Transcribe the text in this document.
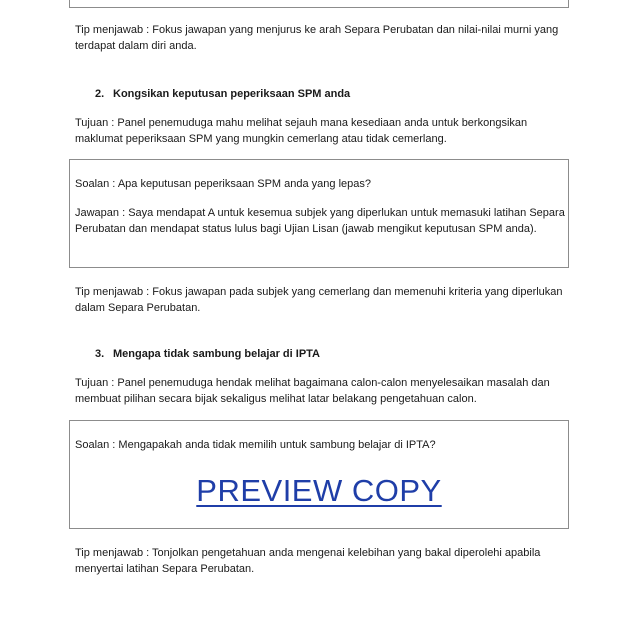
Tip menjawab : Fokus jawapan yang menjurus ke arah Separa Perubatan dan nilai-nilai murni yang terdapat dalam diri anda.

2. Kongsikan keputusan peperiksaan SPM anda

Tujuan : Panel penemuduga mahu melihat sejauh mana kesediaan anda untuk berkongsikan maklumat peperiksaan SPM yang mungkin cemerlang atau tidak cemerlang.

Soalan : Apa keputusan peperiksaan SPM anda yang lepas?

Jawapan : Saya mendapat A untuk kesemua subjek yang diperlukan untuk memasuki latihan Separa Perubatan dan mendapat status lulus bagi Ujian Lisan (jawab mengikut keputusan SPM anda).

Tip menjawab : Fokus jawapan pada subjek yang cemerlang dan memenuhi kriteria yang diperlukan dalam Separa Perubatan.

3. Mengapa tidak sambung belajar di IPTA

Tujuan : Panel penemuduga hendak melihat bagaimana calon-calon menyelesaikan masalah dan membuat pilihan secara bijak sekaligus melihat latar belakang pengetahuan calon.

Soalan : Mengapakah anda tidak memilih untuk sambung belajar di IPTA?

PREVIEW COPY

Tip menjawab : Tonjolkan pengetahuan anda mengenai kelebihan yang bakal diperolehi apabila menyertai latihan Separa Perubatan.
